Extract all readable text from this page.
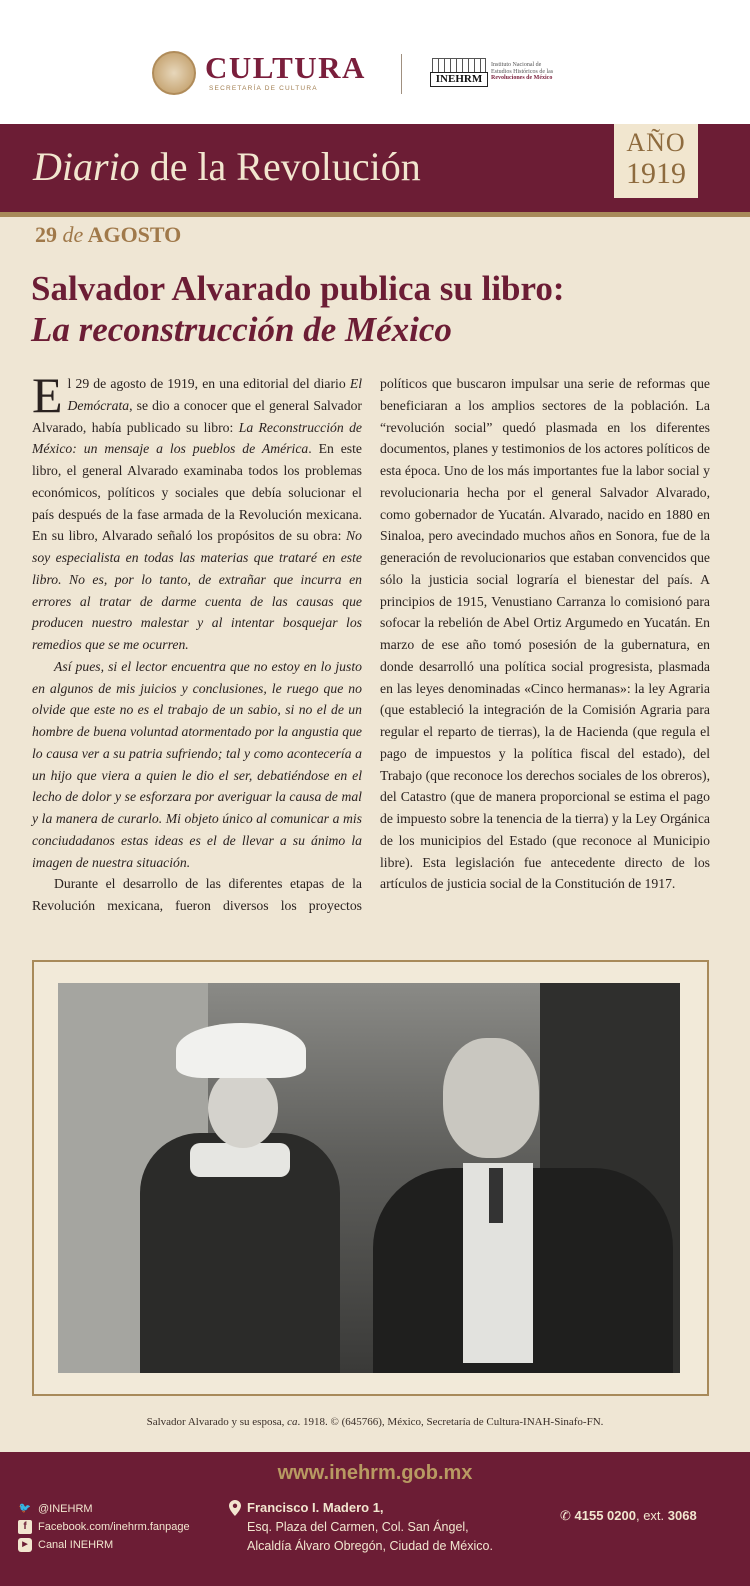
CULTURA
SECRETARÍA DE CULTURA
INEHRM
Instituto Nacional de
Estudios Históricos de las
Revoluciones de México
Diario de la Revolución
AÑO
1919
29 de AGOSTO
Salvador Alvarado publica su libro:
La reconstrucción de México

El 29 de agosto de 1919, en una editorial del diario El Demócrata, se dio a conocer que el general Salvador Alvarado, había publicado su libro: La Reconstrucción de México: un mensaje a los pueblos de América. En este libro, el general Alvarado examinaba todos los problemas económicos, políticos y sociales que debía solucionar el país después de la fase armada de la Revolución mexicana. En su libro, Alvarado señaló los propósitos de su obra: No soy especialista en todas las materias que trataré en este libro. No es, por lo tanto, de extrañar que incurra en errores al tratar de darme cuenta de las causas que producen nuestro malestar y al intentar bosquejar los remedios que se me ocurren.

Así pues, si el lector encuentra que no estoy en lo justo en algunos de mis juicios y conclusiones, le ruego que no olvide que este no es el trabajo de un sabio, si no el de un hombre de buena voluntad atormentado por la angustia que lo causa ver a su patria sufriendo; tal y como acontecería a un hijo que viera a quien le dio el ser, debatiéndose en el lecho de dolor y se esforzara por averiguar la causa de mal y la manera de curarlo. Mi objeto único al comunicar a mis conciudadanos estas ideas es el de llevar a su ánimo la imagen de nuestra situación.

Durante el desarrollo de las diferentes etapas de la Revolución mexicana, fueron diversos los proyectos políticos que buscaron impulsar una serie de reformas que beneficiaran a los amplios sectores de la población. La “revolución social” quedó plasmada en los diferentes documentos, planes y testimonios de los actores políticos de esta época. Uno de los más importantes fue la labor social y revolucionaria hecha por el general Salvador Alvarado, como gobernador de Yucatán. Alvarado, nacido en 1880 en Sinaloa, pero avecindado muchos años en Sonora, fue de la generación de revolucionarios que estaban convencidos que sólo la justicia social lograría el bienestar del país. A principios de 1915, Venustiano Carranza lo comisionó para sofocar la rebelión de Abel Ortiz Argumedo en Yucatán. En marzo de ese año tomó posesión de la gubernatura, en donde desarrolló una política social progresista, plasmada en las leyes denominadas «Cinco hermanas»: la ley Agraria (que estableció la integración de la Comisión Agraria para regular el reparto de tierras), la de Hacienda (que regula el pago de impuestos y la política fiscal del estado), del Trabajo (que reconoce los derechos sociales de los obreros), del Catastro (que de manera proporcional se estima el pago de impuesto sobre la tenencia de la tierra) y la Ley Orgánica de los municipios del Estado (que reconoce al Municipio libre). Esta legislación fue antecedente directo de los artículos de justicia social de la Constitución de 1917.

Salvador Alvarado y su esposa, ca. 1918. © (645766), México, Secretaría de Cultura-INAH-Sinafo-FN.
www.inehrm.gob.mx
🐦 @INEHRM
f	Facebook.com/inehrm.fanpage
▶ Canal INEHRM
Francisco I. Madero 1,
Esq. Plaza del Carmen, Col. San Ángel,
Alcaldía Álvaro Obregón, Ciudad de México.
✆ 4155 0200, ext. 3068
